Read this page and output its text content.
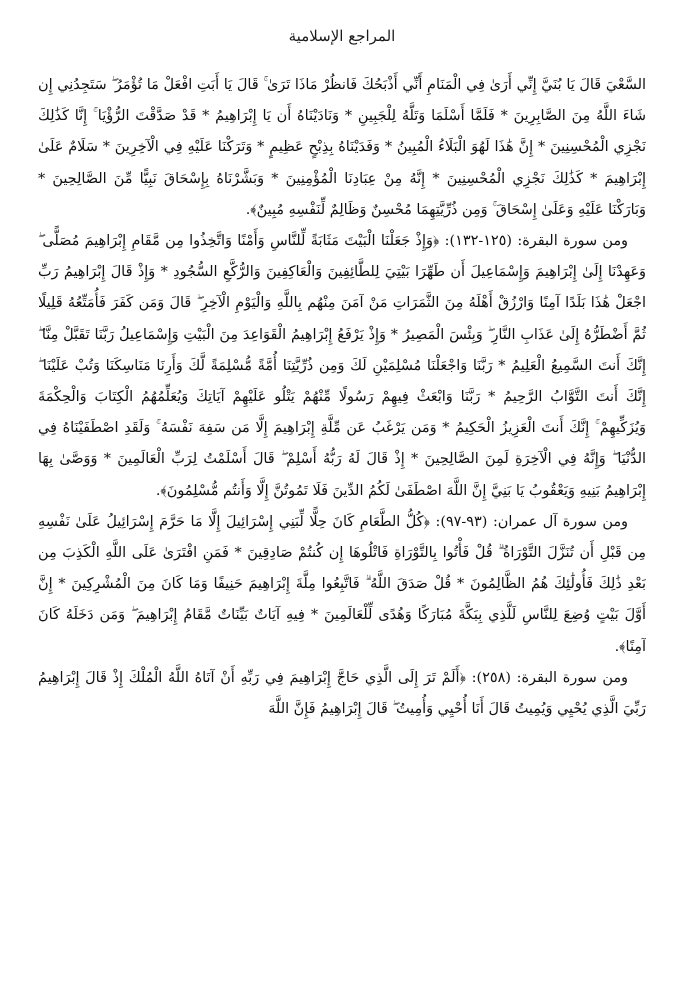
المراجع الإسلامية

السَّعْيَ قَالَ يَا بُنَيَّ إِنِّي أَرَىٰ فِي الْمَنَامِ أَنِّي أَذْبَحُكَ فَانظُرْ مَاذَا تَرَىٰ ۚ قَالَ يَا أَبَتِ افْعَلْ مَا تُؤْمَرُ ۖ سَتَجِدُنِي إِن شَاءَ اللَّهُ مِنَ الصَّابِرِينَ * فَلَمَّا أَسْلَمَا وَتَلَّهُ لِلْجَبِينِ * وَنَادَيْنَاهُ أَن يَا إِبْرَاهِيمُ * قَدْ صَدَّقْتَ الرُّؤْيَا ۚ إِنَّا كَذَٰلِكَ نَجْزِي الْمُحْسِنِينَ * إِنَّ هَٰذَا لَهُوَ الْبَلَاءُ الْمُبِينُ * وَفَدَيْنَاهُ بِذِبْحٍ عَظِيمٍ * وَتَرَكْنَا عَلَيْهِ فِي الْآخِرِينَ * سَلَامٌ عَلَىٰ إِبْرَاهِيمَ * كَذَٰلِكَ نَجْزِي الْمُحْسِنِينَ * إِنَّهُ مِنْ عِبَادِنَا الْمُؤْمِنِينَ * وَبَشَّرْنَاهُ بِإِسْحَاقَ نَبِيًّا مِّنَ الصَّالِحِينَ * وَبَارَكْنَا عَلَيْهِ وَعَلَىٰ إِسْحَاقَ ۚ وَمِن ذُرِّيَّتِهِمَا مُحْسِنٌ وَظَالِمٌ لِّنَفْسِهِ مُبِينٌ﴾.

ومن سورة البقرة: (١٢٥-١٣٢): ﴿وَإِذْ جَعَلْنَا الْبَيْتَ مَثَابَةً لِّلنَّاسِ وَأَمْنًا وَاتَّخِذُوا مِن مَّقَامِ إِبْرَاهِيمَ مُصَلًّى ۖ وَعَهِدْنَا إِلَىٰ إِبْرَاهِيمَ وَإِسْمَاعِيلَ أَن طَهِّرَا بَيْتِيَ لِلطَّائِفِينَ وَالْعَاكِفِينَ وَالرُّكَّعِ السُّجُودِ * وَإِذْ قَالَ إِبْرَاهِيمُ رَبِّ اجْعَلْ هَٰذَا بَلَدًا آمِنًا وَارْزُقْ أَهْلَهُ مِنَ الثَّمَرَاتِ مَنْ آمَنَ مِنْهُم بِاللَّهِ وَالْيَوْمِ الْآخِرِ ۖ قَالَ وَمَن كَفَرَ فَأُمَتِّعُهُ قَلِيلًا ثُمَّ أَضْطَرُّهُ إِلَىٰ عَذَابِ النَّارِ ۖ وَبِئْسَ الْمَصِيرُ * وَإِذْ يَرْفَعُ إِبْرَاهِيمُ الْقَوَاعِدَ مِنَ الْبَيْتِ وَإِسْمَاعِيلُ رَبَّنَا تَقَبَّلْ مِنَّا ۖ إِنَّكَ أَنتَ السَّمِيعُ الْعَلِيمُ * رَبَّنَا وَاجْعَلْنَا مُسْلِمَيْنِ لَكَ وَمِن ذُرِّيَّتِنَا أُمَّةً مُّسْلِمَةً لَّكَ وَأَرِنَا مَنَاسِكَنَا وَتُبْ عَلَيْنَا ۖ إِنَّكَ أَنتَ التَّوَّابُ الرَّحِيمُ * رَبَّنَا وَابْعَثْ فِيهِمْ رَسُولًا مِّنْهُمْ يَتْلُو عَلَيْهِمْ آيَاتِكَ وَيُعَلِّمُهُمُ الْكِتَابَ وَالْحِكْمَةَ وَيُزَكِّيهِمْ ۚ إِنَّكَ أَنتَ الْعَزِيزُ الْحَكِيمُ * وَمَن يَرْغَبُ عَن مِّلَّةِ إِبْرَاهِيمَ إِلَّا مَن سَفِهَ نَفْسَهُ ۚ وَلَقَدِ اصْطَفَيْنَاهُ فِي الدُّنْيَا ۖ وَإِنَّهُ فِي الْآخِرَةِ لَمِنَ الصَّالِحِينَ * إِذْ قَالَ لَهُ رَبُّهُ أَسْلِمْ ۖ قَالَ أَسْلَمْتُ لِرَبِّ الْعَالَمِينَ * وَوَصَّىٰ بِهَا إِبْرَاهِيمُ بَنِيهِ وَيَعْقُوبُ يَا بَنِيَّ إِنَّ اللَّهَ اصْطَفَىٰ لَكُمُ الدِّينَ فَلَا تَمُوتُنَّ إِلَّا وَأَنتُم مُّسْلِمُونَ﴾.

ومن سورة آل عمران: (٩٣-٩٧): ﴿كُلُّ الطَّعَامِ كَانَ حِلًّا لِّبَنِي إِسْرَائِيلَ إِلَّا مَا حَرَّمَ إِسْرَائِيلُ عَلَىٰ نَفْسِهِ مِن قَبْلِ أَن تُنَزَّلَ التَّوْرَاةُ ۗ قُلْ فَأْتُوا بِالتَّوْرَاةِ فَاتْلُوهَا إِن كُنتُمْ صَادِقِينَ * فَمَنِ افْتَرَىٰ عَلَى اللَّهِ الْكَذِبَ مِن بَعْدِ ذَٰلِكَ فَأُولَٰئِكَ هُمُ الظَّالِمُونَ * قُلْ صَدَقَ اللَّهُ ۗ فَاتَّبِعُوا مِلَّةَ إِبْرَاهِيمَ حَنِيفًا وَمَا كَانَ مِنَ الْمُشْرِكِينَ * إِنَّ أَوَّلَ بَيْتٍ وُضِعَ لِلنَّاسِ لَلَّذِي بِبَكَّةَ مُبَارَكًا وَهُدًى لِّلْعَالَمِينَ * فِيهِ آيَاتٌ بَيِّنَاتٌ مَّقَامُ إِبْرَاهِيمَ ۖ وَمَن دَخَلَهُ كَانَ آمِنًا﴾.

ومن سورة البقرة: (٢٥٨): ﴿أَلَمْ تَرَ إِلَى الَّذِي حَاجَّ إِبْرَاهِيمَ فِي رَبِّهِ أَنْ آتَاهُ اللَّهُ الْمُلْكَ إِذْ قَالَ إِبْرَاهِيمُ رَبِّيَ الَّذِي يُحْيِي وَيُمِيتُ قَالَ أَنَا أُحْيِي وَأُمِيتُ ۖ قَالَ إِبْرَاهِيمُ فَإِنَّ اللَّهَ
